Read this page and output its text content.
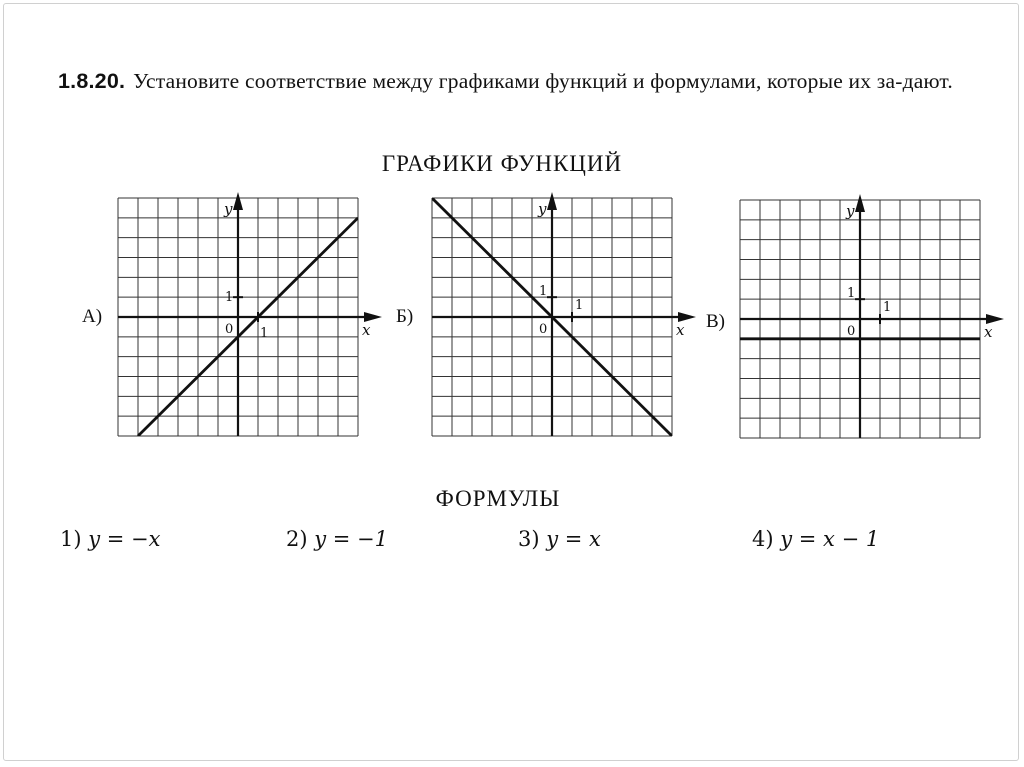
1.8.20. Установите соответствие между графиками функций и формулами, которые их за-дают.
ГРАФИКИ ФУНКЦИЙ
А)	Б)	В)
x
y
0 1
1
x
y
0
1
1
x
y
0
1
1
ФОРМУЛЫ
1) y = −x	2) y = −1	3) y = x	4) y = x − 1
